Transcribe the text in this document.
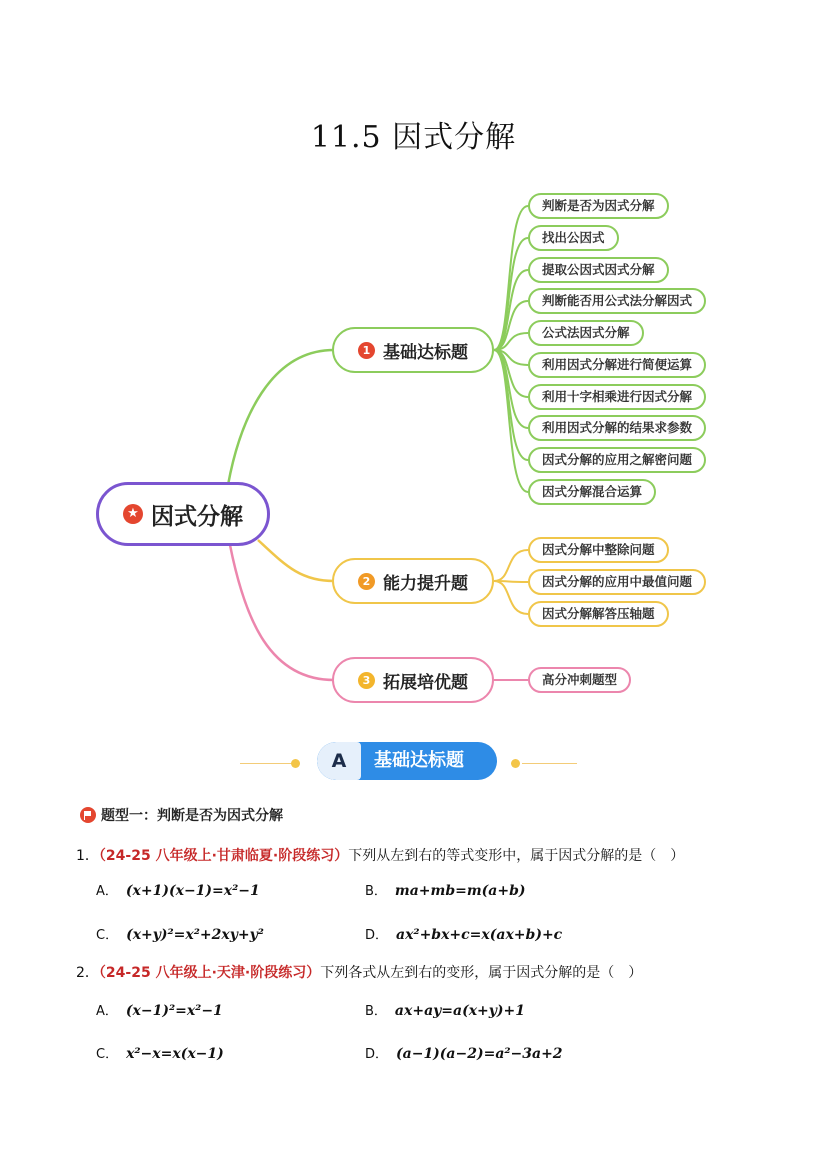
11.5 因式分解
★ 因式分解
1 基础达标题
2 能力提升题
3 拓展培优题
判断是否为因式分解
找出公因式
提取公因式因式分解
判断能否用公式法分解因式
公式法因式分解
利用因式分解进行简便运算
利用十字相乘进行因式分解
利用因式分解的结果求参数
因式分解的应用之解密问题
因式分解混合运算
因式分解中整除问题
因式分解的应用中最值问题
因式分解解答压轴题
高分冲刺题型
A	基础达标题
题型一：判断是否为因式分解
1．（24-25 八年级上·甘肃临夏·阶段练习）下列从左到右的等式变形中，属于因式分解的是（　）
A． (x+1)(x−1)=x²−1	B． ma+mb=m(a+b)
C． (x+y)²=x²+2xy+y²	D． ax²+bx+c=x(ax+b)+c
2．（24-25 八年级上·天津·阶段练习）下列各式从左到右的变形，属于因式分解的是（　）
A． (x−1)²=x²−1	B． ax+ay=a(x+y)+1
C． x²−x=x(x−1)	D． (a−1)(a−2)=a²−3a+2
